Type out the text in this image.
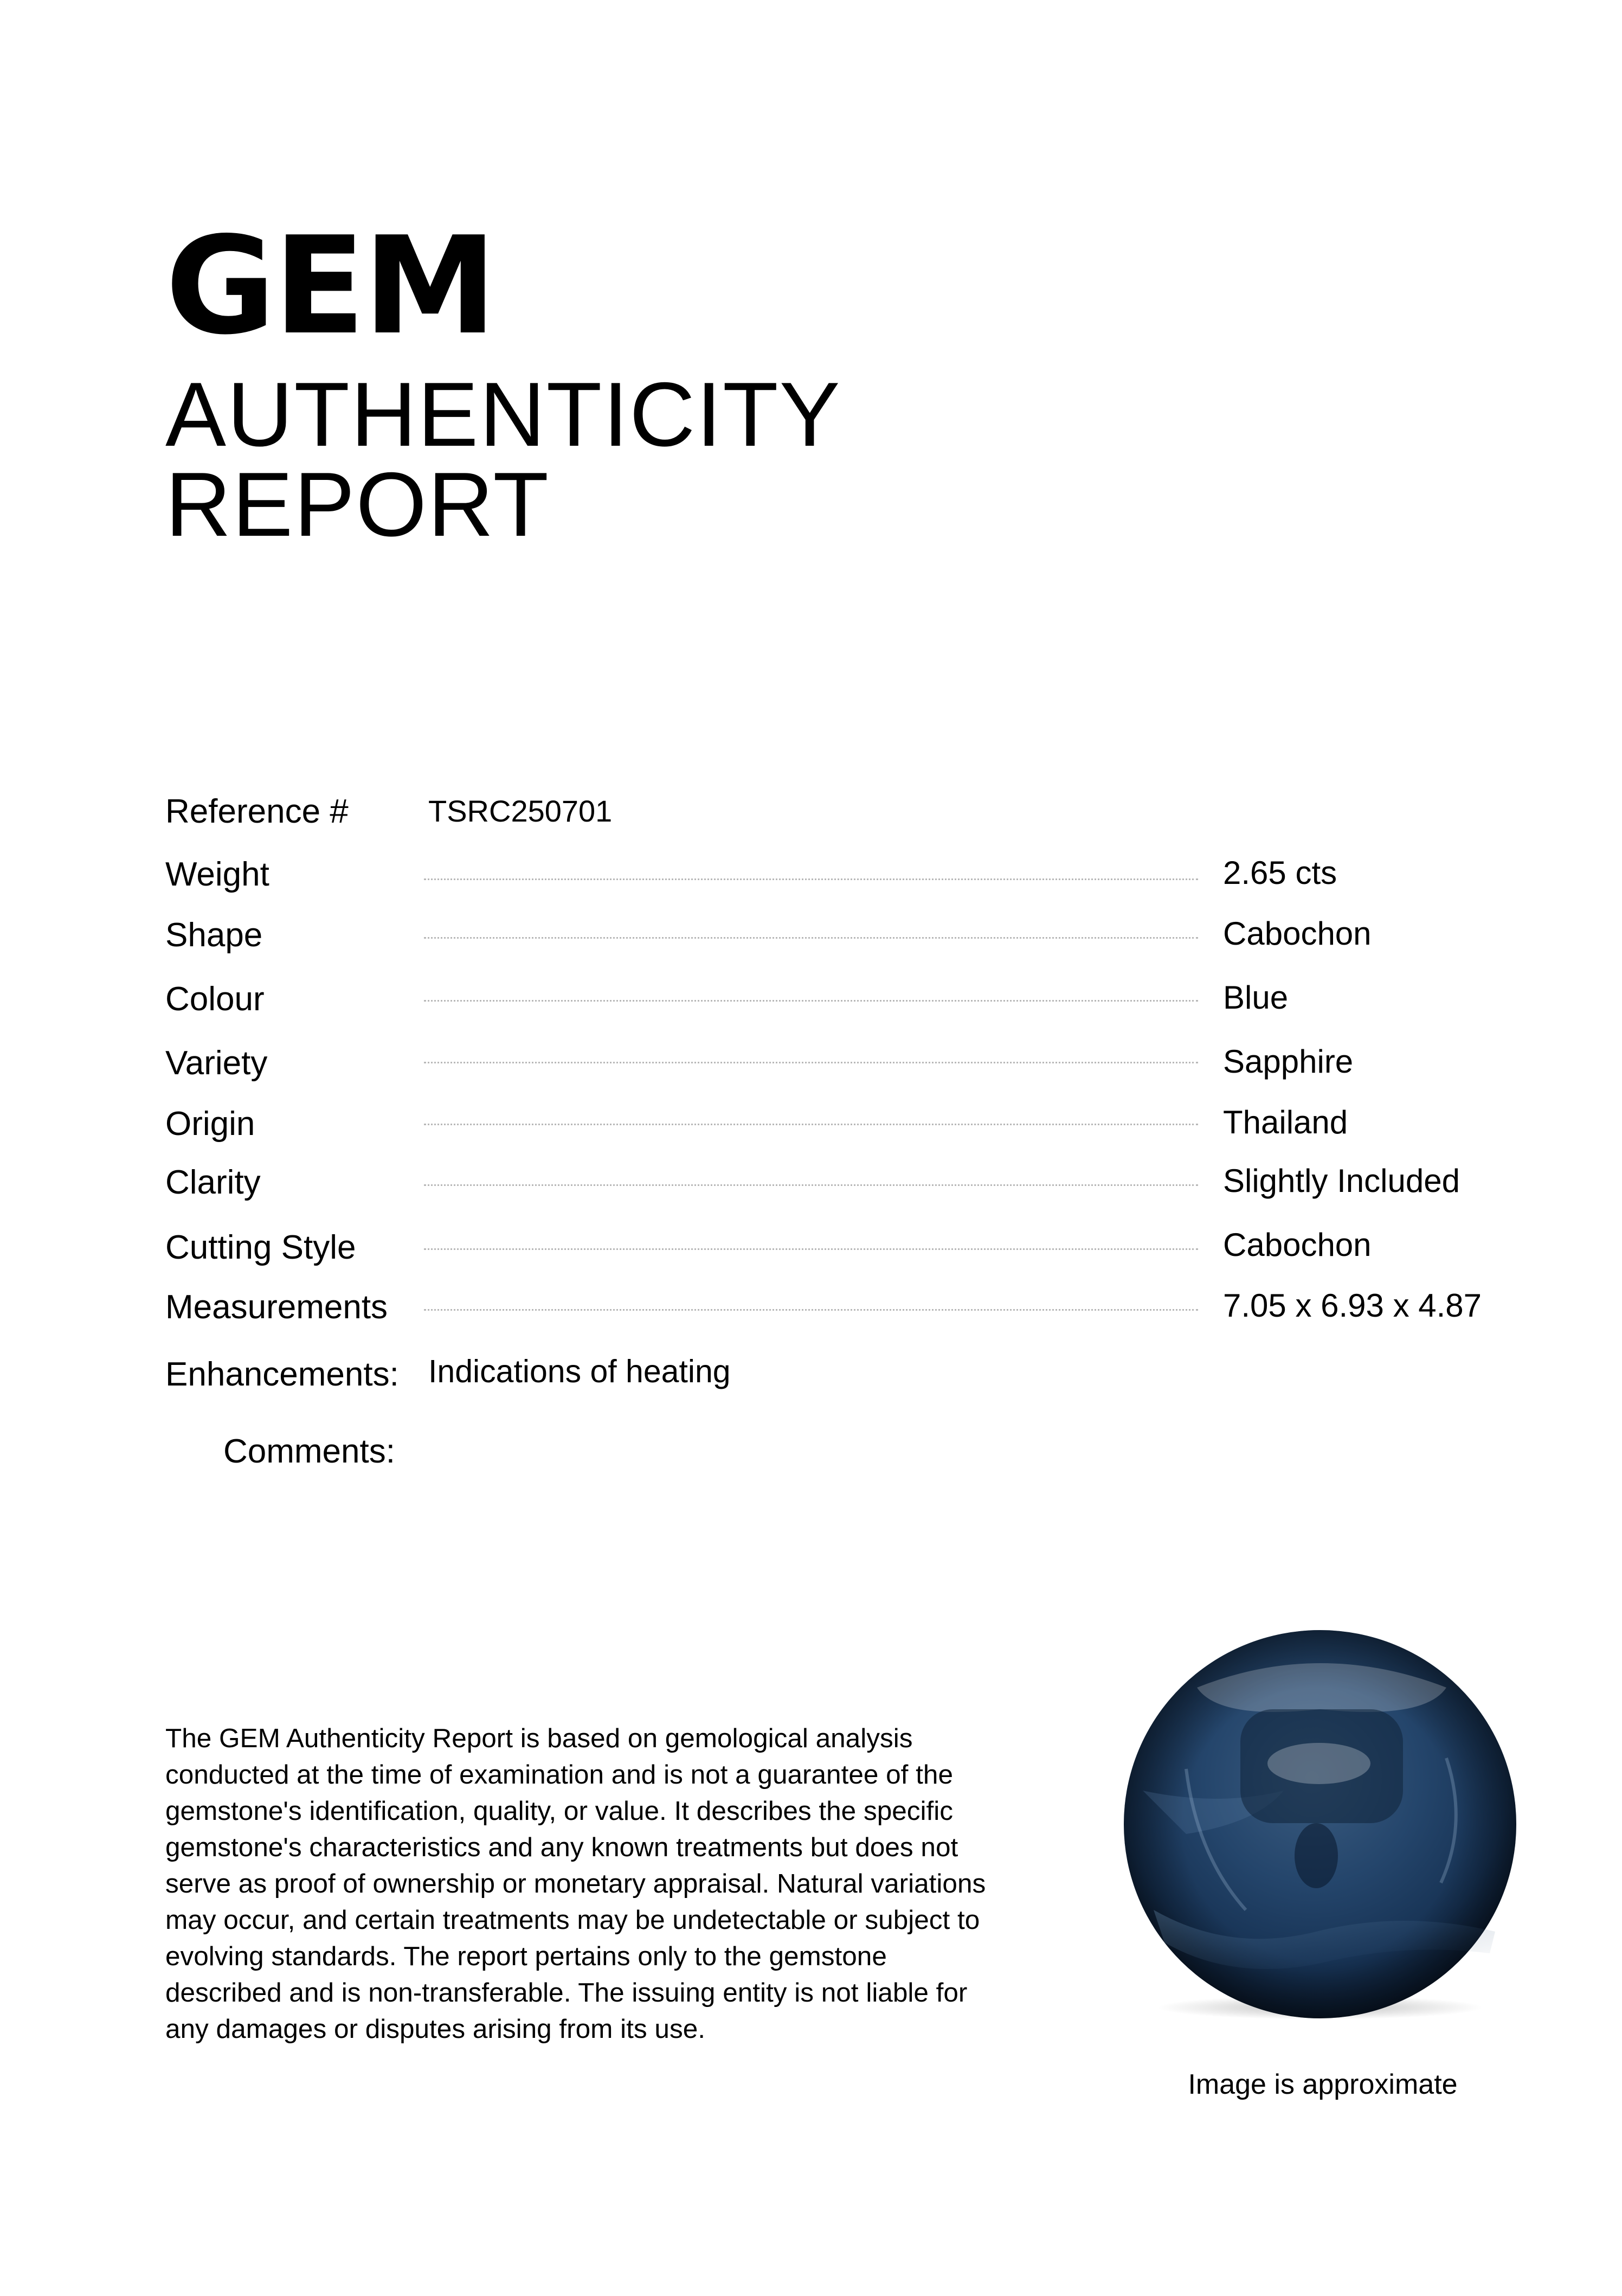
GEM
AUTHENTICITY
REPORT
Reference #	TSRC250701
Weight	2.65 cts
Shape	Cabochon
Colour	Blue
Variety	Sapphire
Origin	Thailand
Clarity	Slightly Included
Cutting Style	Cabochon
Measurements	7.05 x 6.93 x 4.87
Enhancements: Indications of heating
Comments:
The GEM Authenticity Report is based on gemological analysis conducted at the time of examination and is not a guarantee of the gemstone's identification, quality, or value. It describes the specific gemstone's characteristics and any known treatments but does not serve as proof of ownership or monetary appraisal. Natural variations may occur, and certain treatments may be undetectable or subject to evolving standards. The report pertains only to the gemstone described and is non-transferable. The issuing entity is not liable for any damages or disputes arising from its use.
Image is approximate
